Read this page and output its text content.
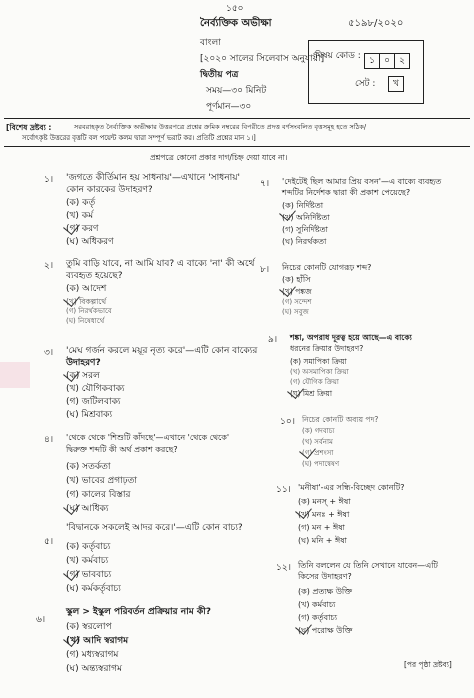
১৫০
৫১৯৮/২০২০
নৈর্ব্যক্তিক অভীক্ষা
বাংলা
[২০২০ সালের সিলেবাস অনুযায়ী]
দ্বিতীয় পত্র
সময়—৩০ মিনিট
পূর্ণমান—৩০
বিষয় কোড : ১ ০ ২
সেট :	খ
[বিশেষ দ্রষ্টব্য :	সরবরাহকৃত নৈর্ব্যক্তিক অভীক্ষার উত্তরপত্রে প্রশ্নের ক্রমিক নম্বরের বিপরীতে প্রদত্ত বর্ণসংবলিত বৃত্তসমূহ হতে সঠিক/
সর্বোৎকৃষ্ট উত্তরের বৃত্তটি বল পয়েন্ট কলম দ্বারা সম্পূর্ণ ভরাট কর। প্রতিটি প্রশ্নের মান ১।]
প্রশ্নপত্রে কোনো প্রকার দাগ/চিহ্ন দেয়া যাবে না।
১। 'জগতে কীর্তিমান হয় সাধনায়'—এখানে 'সাধনায়'
কোন কারকের উদাহরণ?
(ক) কর্তৃ
(খ) কর্ম
(গ) করণ
(ঘ) অধিকরণ
২। তুমি বাড়ি যাবে, না আমি যাব? এ বাক্যে 'না' কী অর্থে
ব্যবহৃত হয়েছে?
(ক) আদেশ
(খ) বিকল্পার্থে
(গ) নিরর্থকভাবে
(ঘ) নিষেধার্থে
৩। 'মেঘ গর্জন করলে ময়ূর নৃত্য করে'—এটি কোন বাক্যের
উদাহরণ?
(ক) সরল
(খ) যৌগিকবাক্য
(গ) জটিলবাক্য
(ঘ) মিশ্রবাক্য
৪। 'থেকে থেকে 'শিশুটি কাঁদছে'—এখানে 'থেকে থেকে'
দ্বিরুক্ত শব্দটি কী অর্থ প্রকাশ করছে?
(ক) সতর্কতা
(খ) ভাবের প্রগাঢ়তা
(গ) কালের বিস্তার
(ঘ) আধিক্য
৫।
'বিদ্বানকে সকলেই আদর করে।'—এটি কোন বাচ্য?
(ক) কর্তৃবাচ্য
(খ) কর্মবাচ্য
(গ) ভাববাচ্য
(ঘ) কর্মকর্তৃবাচ্য
৬।
স্কুল > ইস্কুল পরিবর্তন প্রক্রিয়ার নাম কী?
(ক) স্বরলোপ
(খ) আদি স্বরাগম
(গ) মধ্যস্বরাগম
(ঘ) অন্ত্যস্বরাগম
৭। 'দেইটেই ছিল আমার প্রিয় বসন'—এ বাক্যে ব্যবহৃত
শব্দটির নির্দেশক দ্বারা কী প্রকাশ পেয়েছে?
(ক) নির্দিষ্টতা
(খ) অনির্দিষ্টতা
(গ) সুনির্দিষ্টতা
(ঘ) নিরর্থকতা
৮। নিচের কোনটি যোগরূঢ় শব্দ?
(ক) হাঁসি
(খ) পঙ্কজ
(গ) সন্দেশ
(ঘ) সবুজ
৯। শঙ্কা, অপরাধ দূরত্ব হয়ে আছে—এ বাক্যে
ধরনের ক্রিয়ার উদাহরণ?
(ক) সমাপিকা ক্রিয়া
(খ) অসমাপিকা ক্রিয়া
(গ) যৌগিক ক্রিয়া
(ঘ) মিশ্র ক্রিয়া
১০। নিচের কোনটি অব্যয় পদ?
(ক) গদবাচ্য
(খ) সর্বনাম
(গ) প্রশংসা
(ঘ) পদান্বেষণ
১১। 'মনীষা'-এর সন্ধি-বিচ্ছেদ কোনটি?
(ক) মনস্ + ঈষা
(খ) মনঃ + ঈষা
(গ) মন + ঈষা
(ঘ) মনি + ঈষা
১২। তিনি বললেন যে তিনি সেখানে যাবেন—এটি
কিসের উদাহরণ?
(ক) প্রত্যক্ষ উক্তি
(খ) কর্মবাচ্য
(গ) কর্তৃবাচ্য
(ঘ) পরোক্ষ উক্তি
[পর পৃষ্ঠা দ্রষ্টব্য]
